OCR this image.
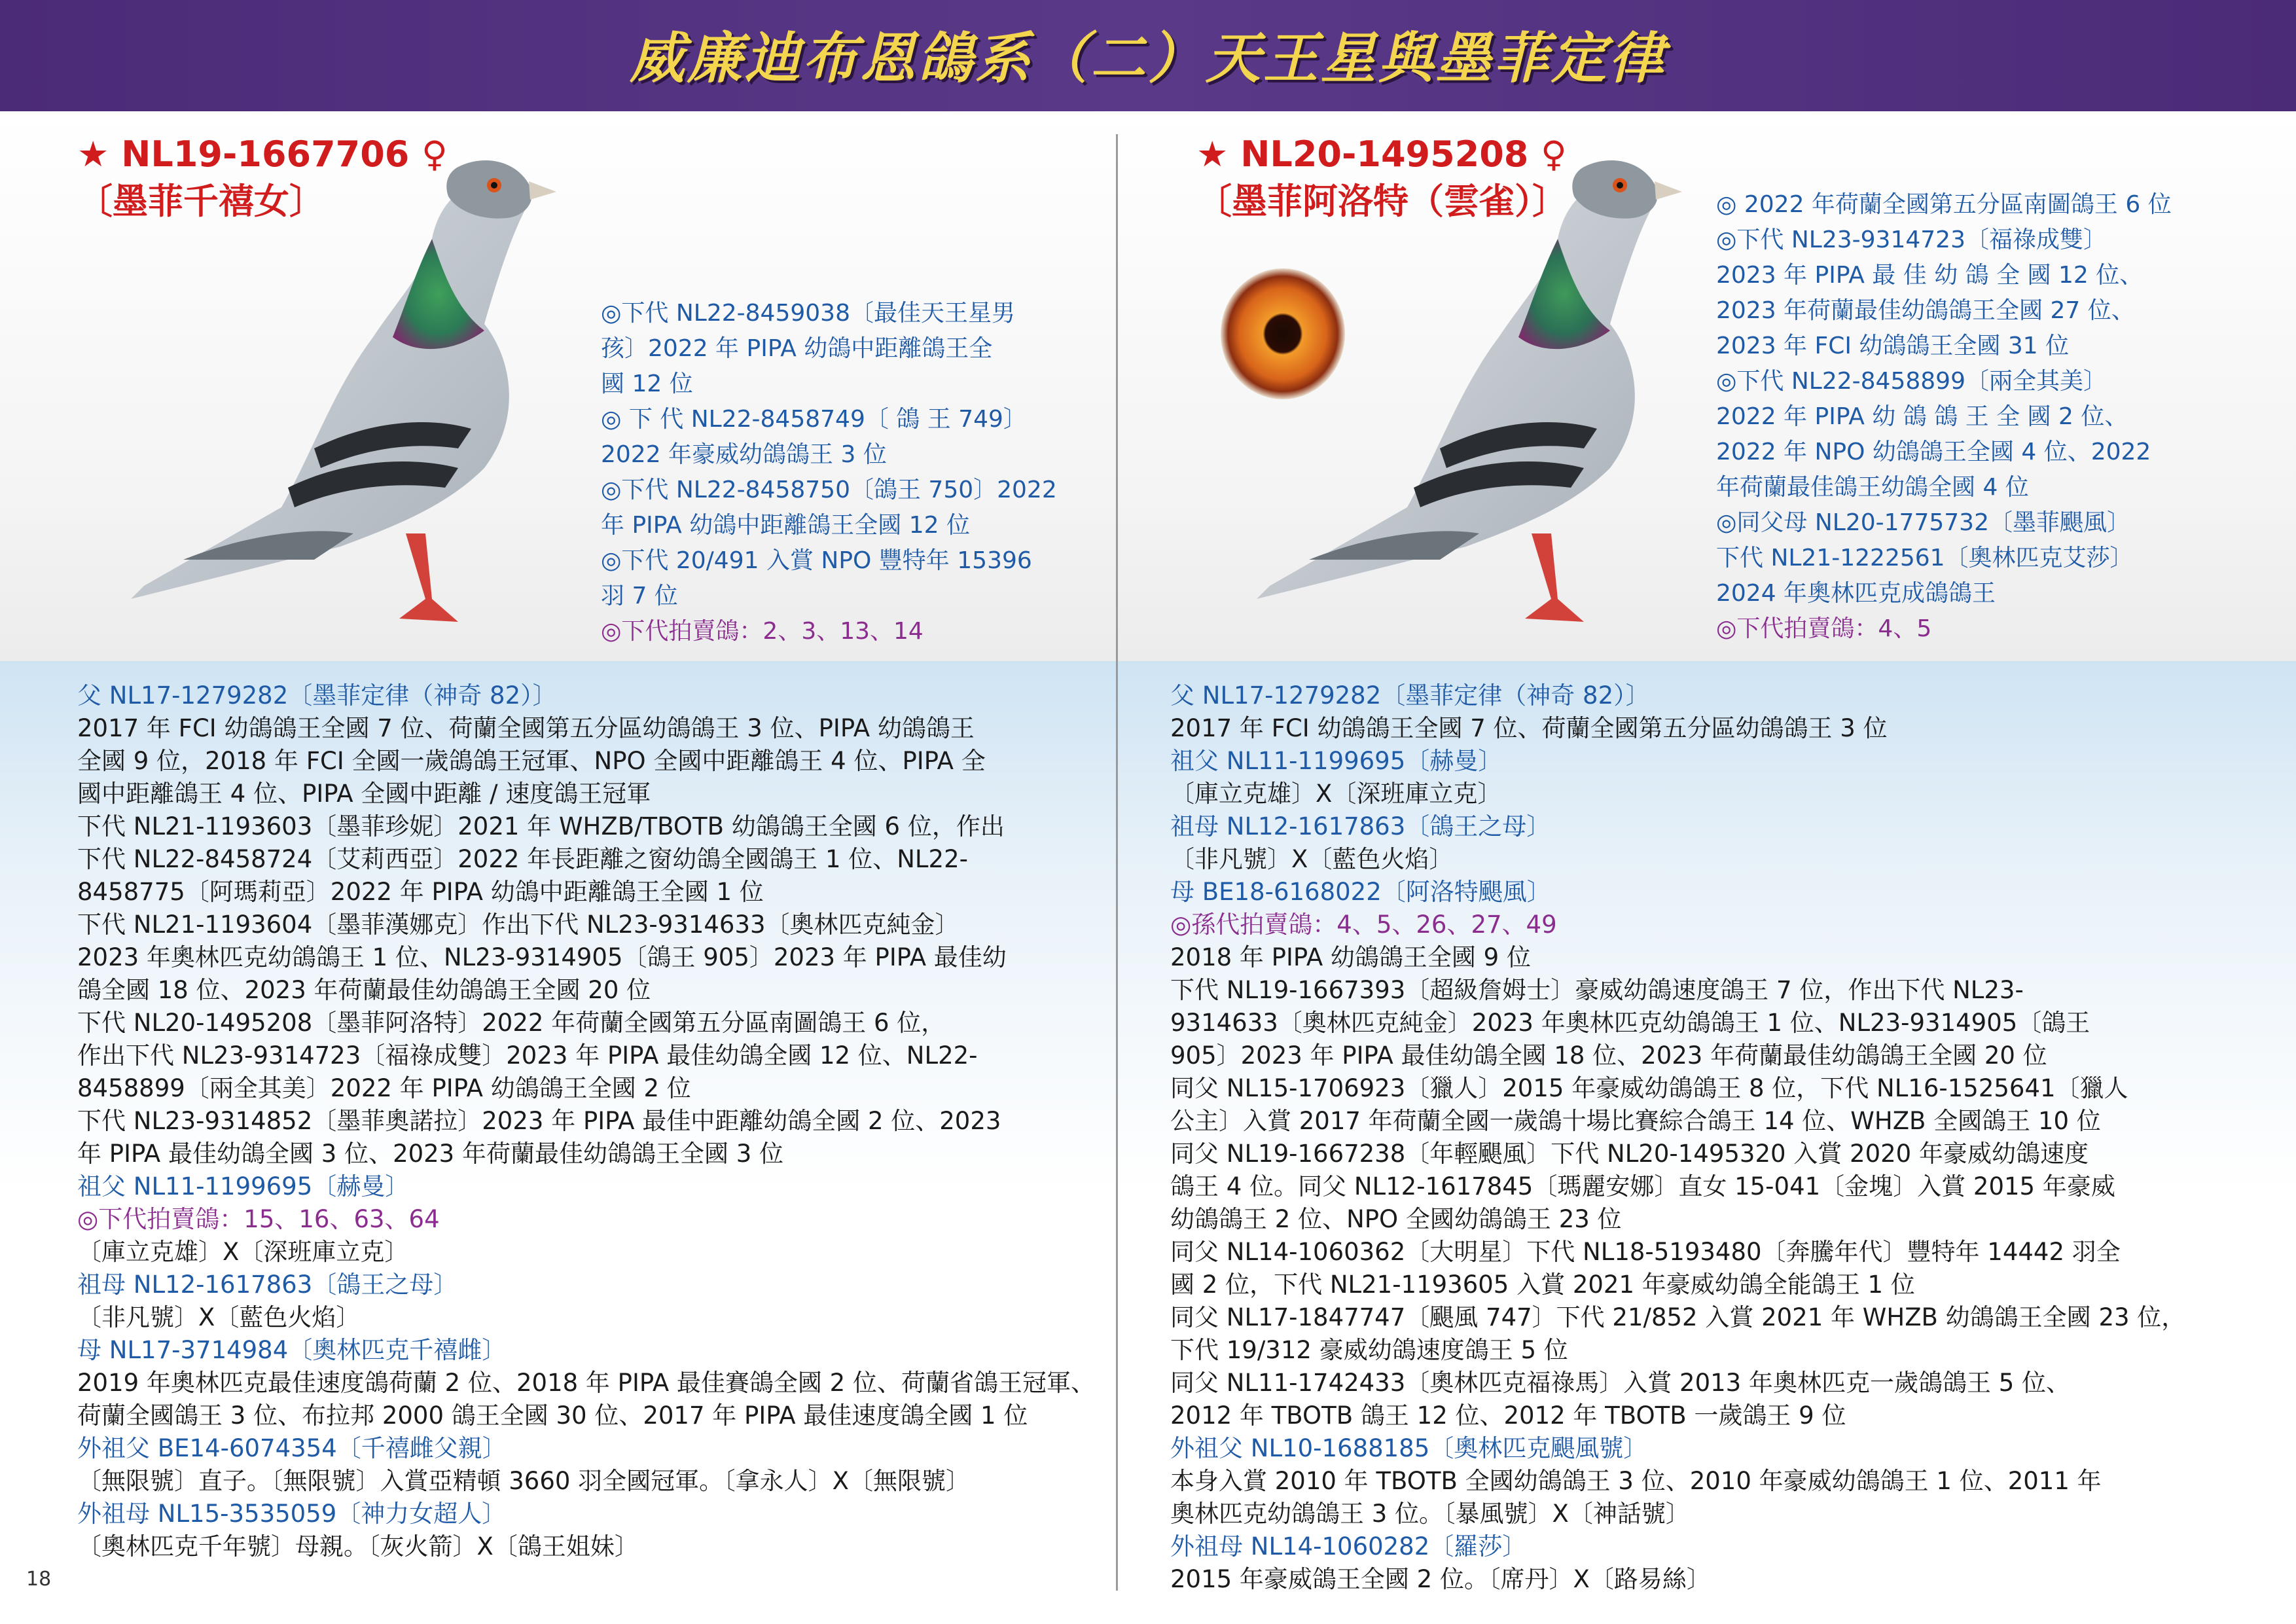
威廉迪布恩鴿系（二）天王星與墨菲定律
★ NL19-1667706 ♀
〔墨菲千禧女〕
◎下代 NL22-8459038〔最佳天王星男
孩〕2022 年 PIPA 幼鴿中距離鴿王全
國 12 位
◎ 下 代 NL22-8458749〔 鴿 王 749〕
2022 年豪威幼鴿鴿王 3 位
◎下代 NL22-8458750〔鴿王 750〕2022
年 PIPA 幼鴿中距離鴿王全國 12 位
◎下代 20/491 入賞 NPO 豐特年 15396
羽 7 位
◎下代拍賣鴿：2、3、13、14
★ NL20-1495208 ♀
〔墨菲阿洛特（雲雀）〕	◎ 2022 年荷蘭全國第五分區南圖鴿王 6 位
◎下代 NL23-9314723〔福祿成雙〕
2023 年 PIPA 最 佳 幼 鴿 全 國 12 位、
2023 年荷蘭最佳幼鴿鴿王全國 27 位、
2023 年 FCI 幼鴿鴿王全國 31 位
◎下代 NL22-8458899〔兩全其美〕
2022 年 PIPA 幼 鴿 鴿 王 全 國 2 位、
2022 年 NPO 幼鴿鴿王全國 4 位、2022
年荷蘭最佳鴿王幼鴿全國 4 位
◎同父母 NL20-1775732〔墨菲颶風〕
下代 NL21-1222561〔奧林匹克艾莎〕
2024 年奧林匹克成鴿鴿王
◎下代拍賣鴿：4、5
父 NL17-1279282〔墨菲定律（神奇 82）〕
2017 年 FCI 幼鴿鴿王全國 7 位、荷蘭全國第五分區幼鴿鴿王 3 位、PIPA 幼鴿鴿王
全國 9 位，2018 年 FCI 全國一歲鴿鴿王冠軍、NPO 全國中距離鴿王 4 位、PIPA 全
國中距離鴿王 4 位、PIPA 全國中距離 / 速度鴿王冠軍
下代 NL21-1193603〔墨菲珍妮〕2021 年 WHZB/TBOTB 幼鴿鴿王全國 6 位，作出
下代 NL22-8458724〔艾莉西亞〕2022 年長距離之窗幼鴿全國鴿王 1 位、NL22-
8458775〔阿瑪莉亞〕2022 年 PIPA 幼鴿中距離鴿王全國 1 位
下代 NL21-1193604〔墨菲漢娜克〕作出下代 NL23-9314633〔奧林匹克純金〕
2023 年奧林匹克幼鴿鴿王 1 位、NL23-9314905〔鴿王 905〕2023 年 PIPA 最佳幼
鴿全國 18 位、2023 年荷蘭最佳幼鴿鴿王全國 20 位
下代 NL20-1495208〔墨菲阿洛特〕2022 年荷蘭全國第五分區南圖鴿王 6 位，
作出下代 NL23-9314723〔福祿成雙〕2023 年 PIPA 最佳幼鴿全國 12 位、NL22-
8458899〔兩全其美〕2022 年 PIPA 幼鴿鴿王全國 2 位
下代 NL23-9314852〔墨菲奧諾拉〕2023 年 PIPA 最佳中距離幼鴿全國 2 位、2023
年 PIPA 最佳幼鴿全國 3 位、2023 年荷蘭最佳幼鴿鴿王全國 3 位
祖父 NL11-1199695〔赫曼〕
◎下代拍賣鴿：15、16、63、64
〔庫立克雄〕X〔深班庫立克〕
祖母 NL12-1617863〔鴿王之母〕
〔非凡號〕X〔藍色火焰〕
母 NL17-3714984〔奧林匹克千禧雌〕
2019 年奧林匹克最佳速度鴿荷蘭 2 位、2018 年 PIPA 最佳賽鴿全國 2 位、荷蘭省鴿王冠軍、
荷蘭全國鴿王 3 位、布拉邦 2000 鴿王全國 30 位、2017 年 PIPA 最佳速度鴿全國 1 位
外祖父 BE14-6074354〔千禧雌父親〕
〔無限號〕直子。〔無限號〕入賞亞精頓 3660 羽全國冠軍。〔拿永人〕X〔無限號〕
外祖母 NL15-3535059〔神力女超人〕
〔奧林匹克千年號〕母親。〔灰火箭〕X〔鴿王姐妹〕
父 NL17-1279282〔墨菲定律（神奇 82）〕
2017 年 FCI 幼鴿鴿王全國 7 位、荷蘭全國第五分區幼鴿鴿王 3 位
祖父 NL11-1199695〔赫曼〕
〔庫立克雄〕X〔深班庫立克〕
祖母 NL12-1617863〔鴿王之母〕
〔非凡號〕X〔藍色火焰〕
母 BE18-6168022〔阿洛特颶風〕
◎孫代拍賣鴿：4、5、26、27、49
2018 年 PIPA 幼鴿鴿王全國 9 位
下代 NL19-1667393〔超級詹姆士〕豪威幼鴿速度鴿王 7 位，作出下代 NL23-
9314633〔奧林匹克純金〕2023 年奧林匹克幼鴿鴿王 1 位、NL23-9314905〔鴿王
905〕2023 年 PIPA 最佳幼鴿全國 18 位、2023 年荷蘭最佳幼鴿鴿王全國 20 位
同父 NL15-1706923〔獵人〕2015 年豪威幼鴿鴿王 8 位，下代 NL16-1525641〔獵人
公主〕入賞 2017 年荷蘭全國一歲鴿十場比賽綜合鴿王 14 位、WHZB 全國鴿王 10 位
同父 NL19-1667238〔年輕颶風〕下代 NL20-1495320 入賞 2020 年豪威幼鴿速度
鴿王 4 位。同父 NL12-1617845〔瑪麗安娜〕直女 15-041〔金塊〕入賞 2015 年豪威
幼鴿鴿王 2 位、NPO 全國幼鴿鴿王 23 位
同父 NL14-1060362〔大明星〕下代 NL18-5193480〔奔騰年代〕豐特年 14442 羽全
國 2 位，下代 NL21-1193605 入賞 2021 年豪威幼鴿全能鴿王 1 位
同父 NL17-1847747〔颶風 747〕下代 21/852 入賞 2021 年 WHZB 幼鴿鴿王全國 23 位，
下代 19/312 豪威幼鴿速度鴿王 5 位
同父 NL11-1742433〔奧林匹克福祿馬〕入賞 2013 年奧林匹克一歲鴿鴿王 5 位、
2012 年 TBOTB 鴿王 12 位、2012 年 TBOTB 一歲鴿王 9 位
外祖父 NL10-1688185〔奧林匹克颶風號〕
本身入賞 2010 年 TBOTB 全國幼鴿鴿王 3 位、2010 年豪威幼鴿鴿王 1 位、2011 年
奧林匹克幼鴿鴿王 3 位。〔暴風號〕X〔神話號〕
外祖母 NL14-1060282〔羅莎〕
2015 年豪威鴿王全國 2 位。〔席丹〕X〔路易絲〕
18
